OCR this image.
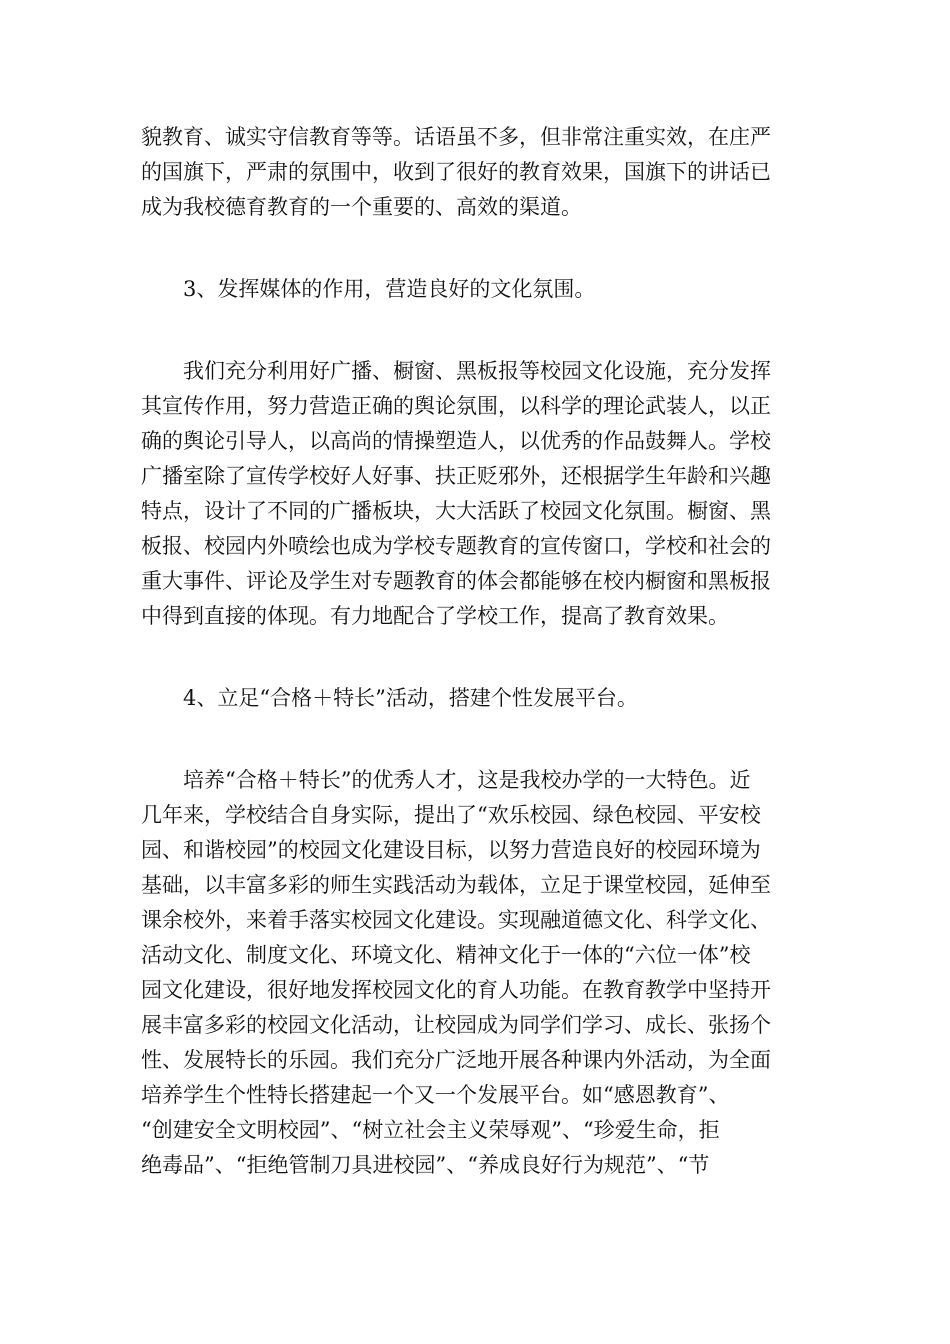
貌教育、诚实守信教育等等。话语虽不多，但非常注重实效，在庄严
的国旗下，严肃的氛围中，收到了很好的教育效果，国旗下的讲话已
成为我校德育教育的一个重要的、高效的渠道。

　　3、发挥媒体的作用，营造良好的文化氛围。

　　我们充分利用好广播、橱窗、黑板报等校园文化设施，充分发挥
其宣传作用，努力营造正确的舆论氛围，以科学的理论武装人，以正
确的舆论引导人，以高尚的情操塑造人，以优秀的作品鼓舞人。学校
广播室除了宣传学校好人好事、扶正贬邪外，还根据学生年龄和兴趣
特点，设计了不同的广播板块，大大活跃了校园文化氛围。橱窗、黑
板报、校园内外喷绘也成为学校专题教育的宣传窗口，学校和社会的
重大事件、评论及学生对专题教育的体会都能够在校内橱窗和黑板报
中得到直接的体现。有力地配合了学校工作，提高了教育效果。

　　4、立足“合格＋特长”活动，搭建个性发展平台。

　　培养“合格＋特长”的优秀人才，这是我校办学的一大特色。近
几年来，学校结合自身实际，提出了“欢乐校园、绿色校园、平安校
园、和谐校园”的校园文化建设目标，以努力营造良好的校园环境为
基础，以丰富多彩的师生实践活动为载体，立足于课堂校园，延伸至
课余校外，来着手落实校园文化建设。实现融道德文化、科学文化、
活动文化、制度文化、环境文化、精神文化于一体的“六位一体”校
园文化建设，很好地发挥校园文化的育人功能。在教育教学中坚持开
展丰富多彩的校园文化活动，让校园成为同学们学习、成长、张扬个
性、发展特长的乐园。我们充分广泛地开展各种课内外活动，为全面
培养学生个性特长搭建起一个又一个发展平台。如“感恩教育”、
“创建安全文明校园”、“树立社会主义荣辱观”、“珍爱生命，拒
绝毒品”、“拒绝管制刀具进校园”、“养成良好行为规范”、“节
